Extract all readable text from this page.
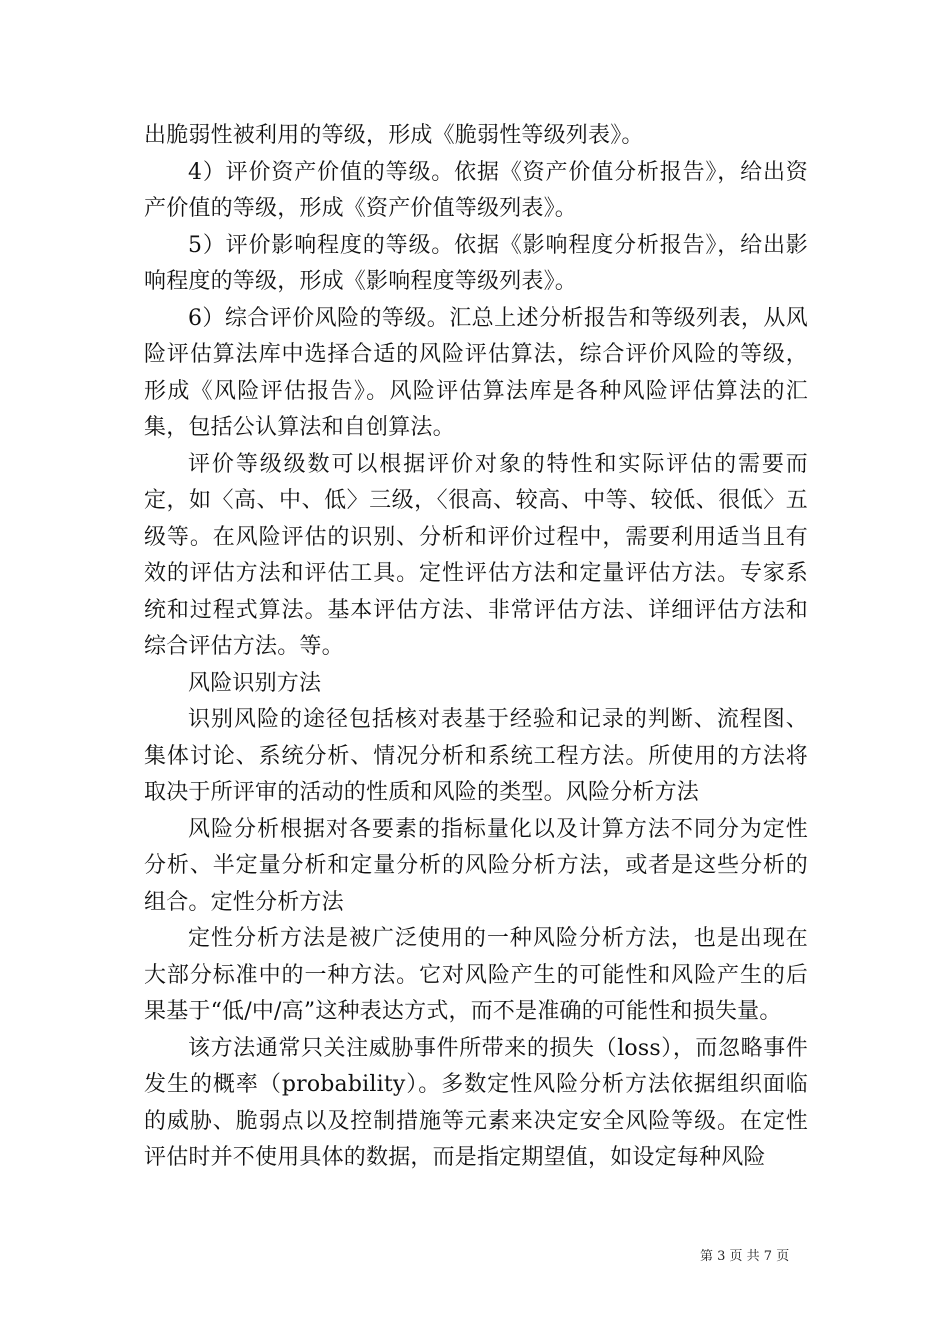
出脆弱性被利用的等级，形成《脆弱性等级列表》。

4）评价资产价值的等级。依据《资产价值分析报告》，给出资产价值的等级，形成《资产价值等级列表》。

5）评价影响程度的等级。依据《影响程度分析报告》，给出影响程度的等级，形成《影响程度等级列表》。

6）综合评价风险的等级。汇总上述分析报告和等级列表，从风险评估算法库中选择合适的风险评估算法，综合评价风险的等级，形成《风险评估报告》。风险评估算法库是各种风险评估算法的汇集，包括公认算法和自创算法。

评价等级级数可以根据评价对象的特性和实际评估的需要而定，如〈高、中、低〉三级，〈很高、较高、中等、较低、很低〉五级等。在风险评估的识别、分析和评价过程中，需要利用适当且有效的评估方法和评估工具。定性评估方法和定量评估方法。专家系统和过程式算法。基本评估方法、非常评估方法、详细评估方法和综合评估方法。等。

风险识别方法

识别风险的途径包括核对表基于经验和记录的判断、流程图、集体讨论、系统分析、情况分析和系统工程方法。所使用的方法将取决于所评审的活动的性质和风险的类型。风险分析方法

风险分析根据对各要素的指标量化以及计算方法不同分为定性分析、半定量分析和定量分析的风险分析方法，或者是这些分析的组合。定性分析方法

定性分析方法是被广泛使用的一种风险分析方法，也是出现在大部分标准中的一种方法。它对风险产生的可能性和风险产生的后果基于“低/中/高”这种表达方式，而不是准确的可能性和损失量。

该方法通常只关注威胁事件所带来的损失（loss），而忽略事件发生的概率（probability）。多数定性风险分析方法依据组织面临的威胁、脆弱点以及控制措施等元素来决定安全风险等级。在定性评估时并不使用具体的数据，而是指定期望值，如设定每种风险

第 3 页 共 7 页
